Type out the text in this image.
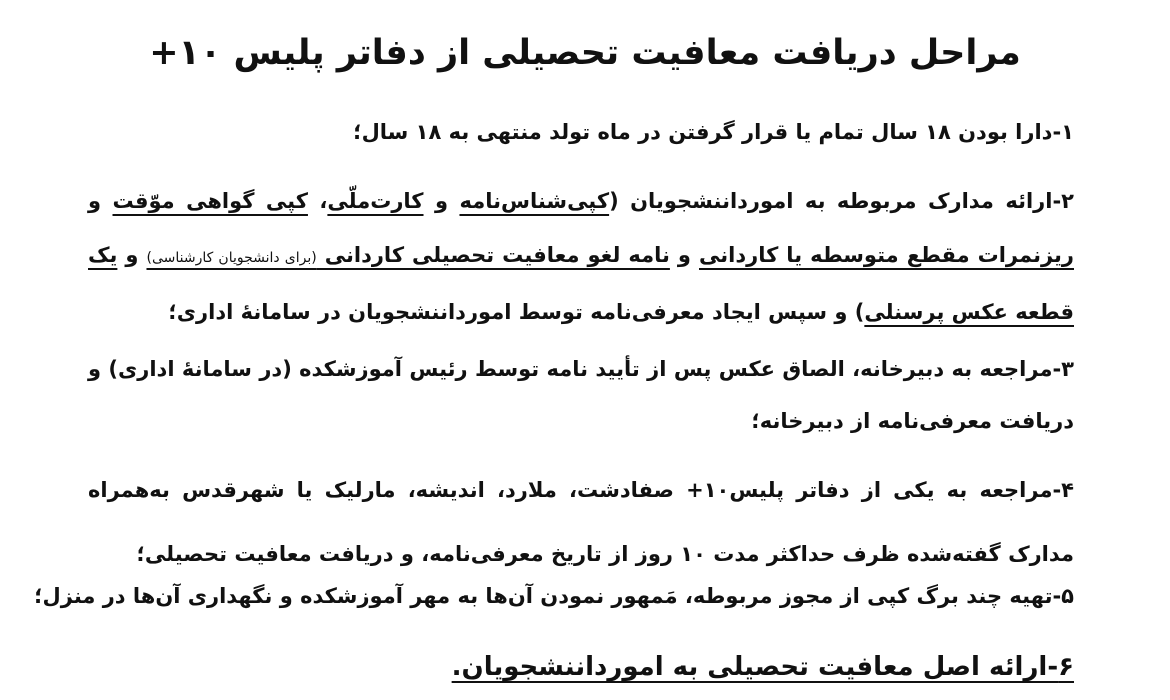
مراحل دریافت معافیت تحصیلی از دفاتر پلیس ۱۰+

۱-دارا بودن ۱۸ سال تمام یا قرار گرفتن در ماه تولد منتهی به ۱۸ سال؛

۲-ارائه مدارک مربوطه به امورداننشجویان (کپی‌شناس‌نامه و کارت‌ملّی، کپی گواهی موّقت و ریزنمرات مقطع متوسطه یا کاردانی و نامه لغو معافیت تحصیلی کاردانی (برای دانشجویان کارشناسی) و یک قطعه عکس پرسنلی) و سپس ایجاد معرفی‌نامه توسط امورداننشجویان در سامانهٔ اداری؛

۳-مراجعه به دبیرخانه، الصاق عکس پس از تأیید نامه توسط رئیس آموزشکده (در سامانهٔ اداری) و دریافت معرفی‌نامه از دبیرخانه؛

۴-مراجعه به یکی از دفاتر پلیس‌۱۰+ صفادشت، ملارد، اندیشه، مارلیک یا شهرقدس به‌همراه مدارک گفته‌شده ظرف حداکثر مدت ۱۰ روز از تاریخ معرفی‌نامه، و دریافت معافیت تحصیلی؛

۵-تهیه چند برگ کپی از مجوز مربوطه، مَمهور نمودن آن‌ها به مهر آموزشکده و نگهداری آن‌ها در منزل؛

۶-ارائه اصل معافیت تحصیلی به امورداننشجویان.
